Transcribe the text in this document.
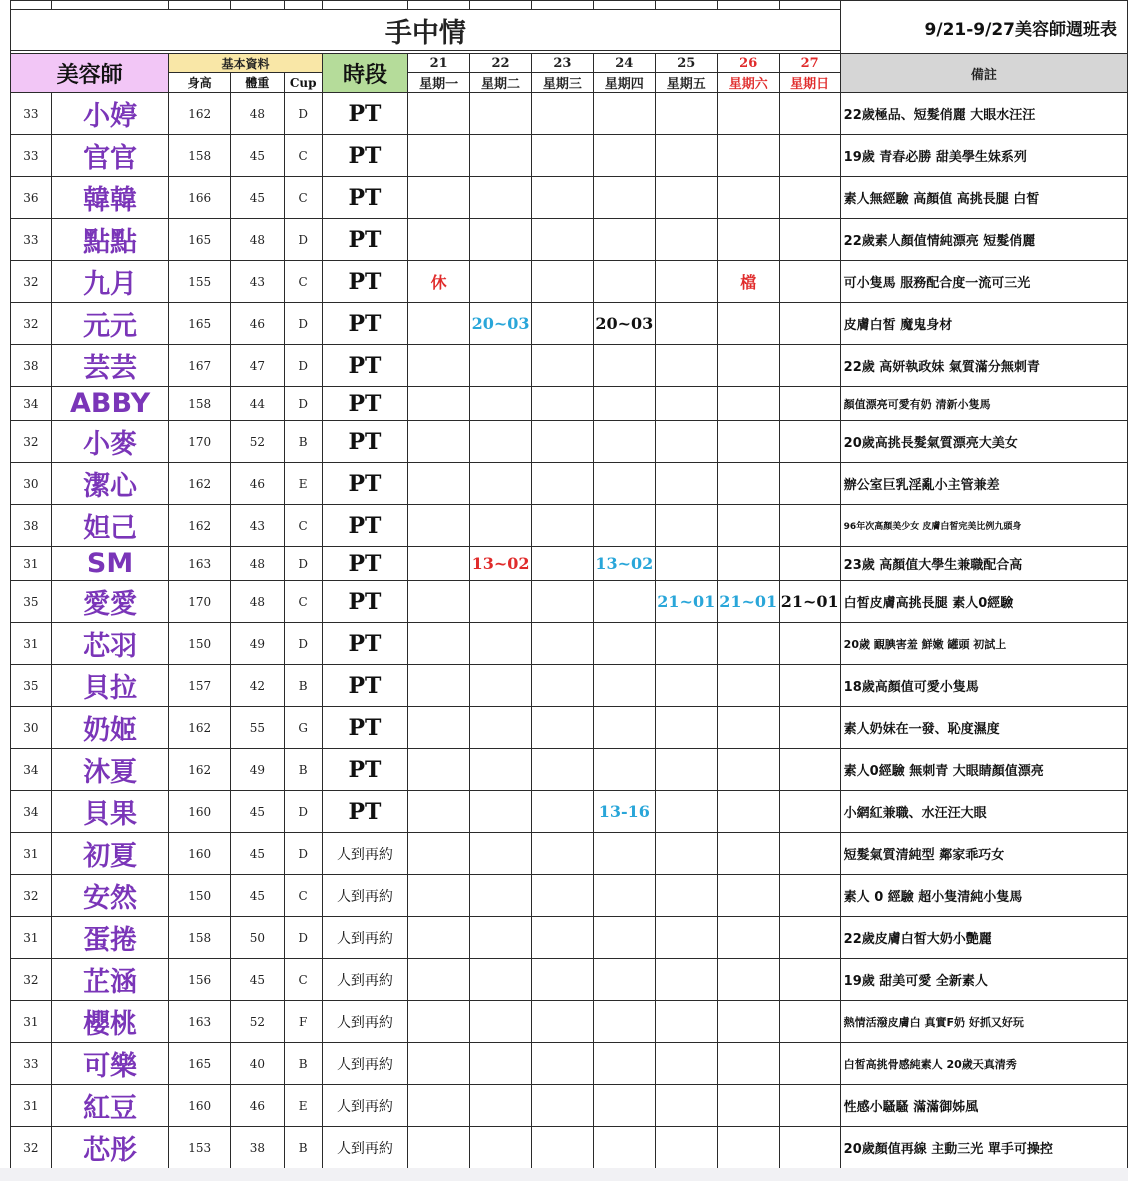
													9/21-9/27美容師週班表
手中情													

美容師		基本資料			時段	21	22	23	24	25	26	27	備註
		身高	體重	Cup		星期一	星期二	星期三	星期四	星期五	星期六	星期日	
33	小婷	162	48	D	PT								22歲極品、短髮俏麗 大眼水汪汪
33	官官	158	45	C	PT								19歲 青春必勝 甜美學生妹系列
36	韓韓	166	45	C	PT								素人無經驗 高顏值 高挑長腿 白皙
33	點點	165	48	D	PT								22歲素人顏值情純漂亮 短髮俏麗
32	九月	155	43	C	PT	休					檔		可小隻馬 服務配合度一流可三光
32	元元	165	46	D	PT		20~03		20~03				皮膚白皙 魔鬼身材
38	芸芸	167	47	D	PT								22歲 高妍執政妹 氣質滿分無刺青
34	ABBY	158	44	D	PT								顏值漂亮可愛有奶 清新小隻馬
32	小麥	170	52	B	PT								20歲高挑長髮氣質漂亮大美女
30	潔心	162	46	E	PT								辦公室巨乳淫亂小主管兼差
38	妲己	162	43	C	PT								96年次高顏美少女 皮膚白皙完美比例九頭身
31	SM	163	48	D	PT		13~02		13~02				23歲 高顏值大學生兼職配合高
35	愛愛	170	48	C	PT					21~01	21~01	21~01	白皙皮膚高挑長腿 素人0經驗
31	芯羽	150	49	D	PT								20歲 靦腆害羞 鮮嫩 罐頭 初試上
35	貝拉	157	42	B	PT								18歲高顏值可愛小隻馬
30	奶姬	162	55	G	PT								素人奶妹在一發、恥度濕度
34	沐夏	162	49	B	PT								素人0經驗 無刺青 大眼睛顏值漂亮
34	貝果	160	45	D	PT				13-16				小網紅兼職、水汪汪大眼
31	初夏	160	45	D	人到再約								短髮氣質清純型 鄰家乖巧女
32	安然	150	45	C	人到再約								素人 0 經驗 超小隻清純小隻馬
31	蛋捲	158	50	D	人到再約								22歲皮膚白皙大奶小艷麗
32	芷涵	156	45	C	人到再約								19歲 甜美可愛 全新素人
31	櫻桃	163	52	F	人到再約								熱情活潑皮膚白 真實F奶 好抓又好玩
33	可樂	165	40	B	人到再約								白皙高挑骨感純素人 20歲天真清秀
31	紅豆	160	46	E	人到再約								性感小騷騷 滿滿御姊風
32	芯彤	153	38	B	人到再約								20歲顏值再線 主動三光 單手可操控
